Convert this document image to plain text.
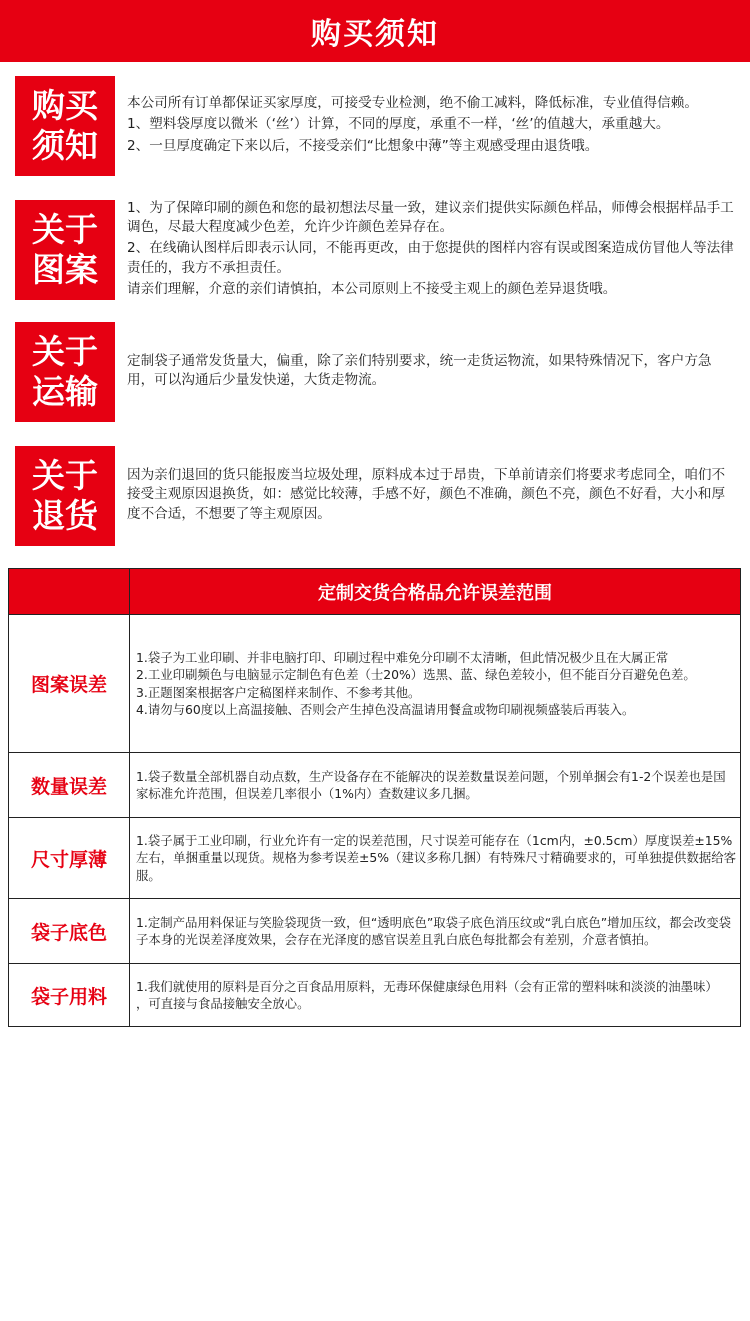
购买须知
购买
须知

本公司所有订单都保证买家厚度，可接受专业检测，绝不偷工减料，降低标准，专业值得信赖。

1、塑料袋厚度以微米（‘丝’）计算，不同的厚度，承重不一样，‘丝’的值越大，承重越大。

2、一旦厚度确定下来以后，不接受亲们“比想象中薄”等主观感受理由退货哦。

关于
图案

1、为了保障印刷的颜色和您的最初想法尽量一致，建议亲们提供实际颜色样品，师傅会根据样品手工调色，尽最大程度减少色差，允许少许颜色差异存在。

2、在线确认图样后即表示认同，不能再更改，由于您提供的图样内容有误或图案造成仿冒他人等法律责任的，我方不承担责任。

请亲们理解，介意的亲们请慎拍，本公司原则上不接受主观上的颜色差异退货哦。

关于
运输

定制袋子通常发货量大，偏重，除了亲们特别要求，统一走货运物流，如果特殊情况下，客户方急用，可以沟通后少量发快递，大货走物流。

关于
退货

因为亲们退回的货只能报废当垃圾处理，原料成本过于昂贵，下单前请亲们将要求考虑同全，咱们不接受主观原因退换货，如：感觉比较薄，手感不好，颜色不准确，颜色不亮，颜色不好看，大小和厚度不合适，不想要了等主观原因。

	定制交货合格品允许误差范围
图案误差	1.袋子为工业印刷、并非电脑打印、印刷过程中难免分印刷不太清晰，但此情况极少且在大属正常

2.工业印刷频色与电脑显示定制色有色差（士20%）选黑、蓝、绿色差较小，但不能百分百避免色差。

3.正题图案根据客户定稿图样来制作、不参考其他。

4.请勿与60度以上高温接触、否则会产生掉色没高温请用餐盒或物印刷视频盛装后再装入。

数量误差	1.袋子数量全部机器自动点数，生产设备存在不能解决的误差数量误差问题，个别单捆会有1-2个误差也是国家标准允许范围，但误差几率很小（1%内）查数建议多几捆。

尺寸厚薄	1.袋子属于工业印刷，行业允许有一定的误差范围，尺寸误差可能存在（1cm内，±0.5cm）厚度误差±15%左右，单捆重量以现货。规格为参考误差±5%（建议多称几捆）有特殊尺寸精确要求的，可单独提供数据给客服。

袋子底色	1.定制产品用料保证与笑脸袋现货一致，但“透明底色”取袋子底色消压纹或“乳白底色”增加压纹，都会改变袋子本身的光误差泽度效果，会存在光泽度的感官误差且乳白底色每批都会有差别，介意者慎拍。

袋子用料	1.我们就使用的原料是百分之百食品用原料，无毒环保健康绿色用料（会有正常的塑料味和淡淡的油墨味）

，可直接与食品接触安全放心。
